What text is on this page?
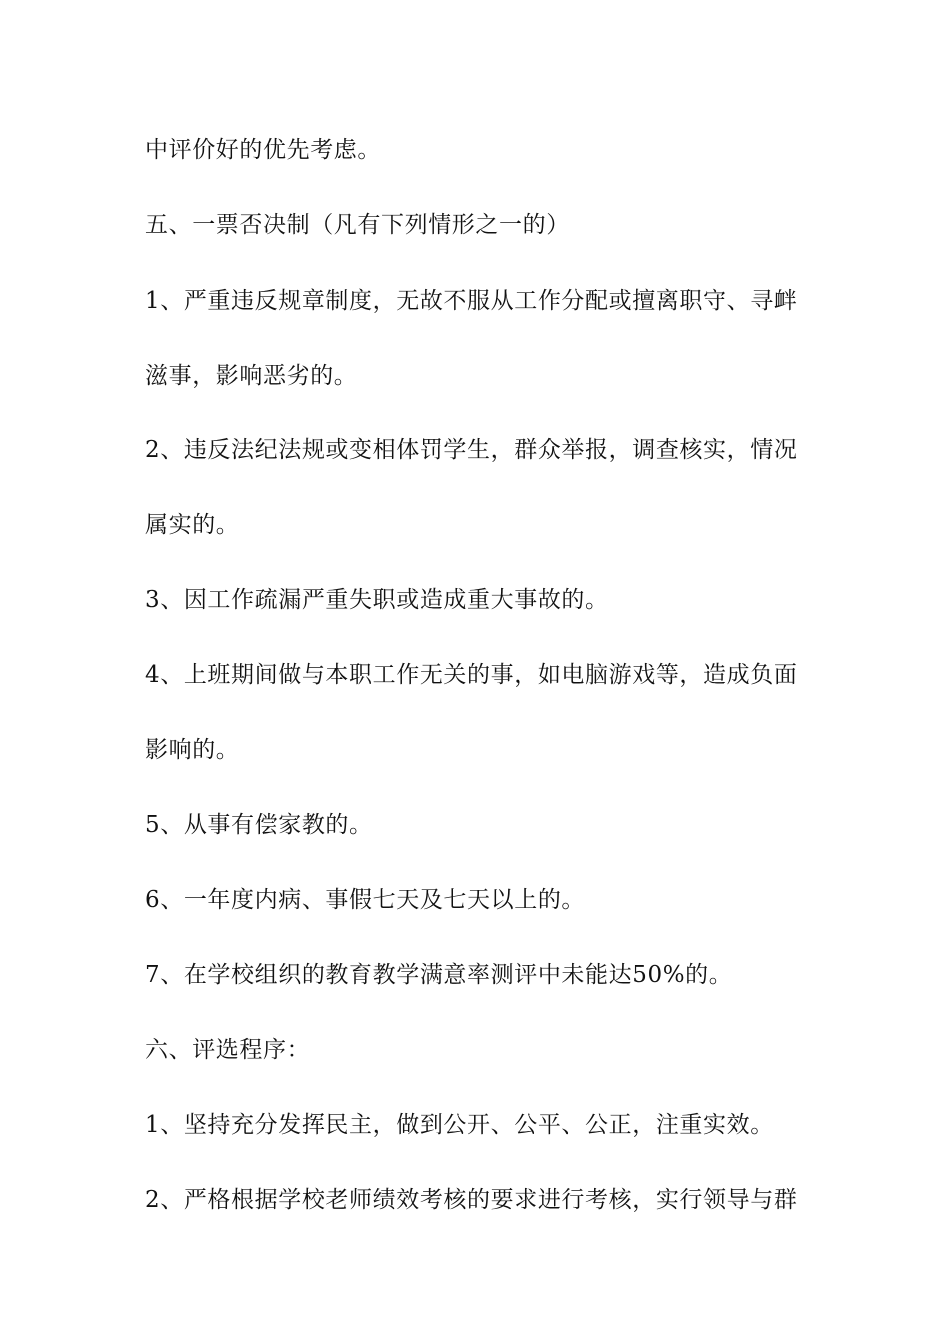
中评价好的优先考虑。
五、一票否决制（凡有下列情形之一的）
1、严重违反规章制度，无故不服从工作分配或擅离职守、寻衅
滋事，影响恶劣的。
2、违反法纪法规或变相体罚学生，群众举报，调查核实，情况
属实的。
3、因工作疏漏严重失职或造成重大事故的。
4、上班期间做与本职工作无关的事，如电脑游戏等，造成负面
影响的。
5、从事有偿家教的。
6、一年度内病、事假七天及七天以上的。
7、在学校组织的教育教学满意率测评中未能达50%的。
六、评选程序：
1、坚持充分发挥民主，做到公开、公平、公正，注重实效。
2、严格根据学校老师绩效考核的要求进行考核，实行领导与群
